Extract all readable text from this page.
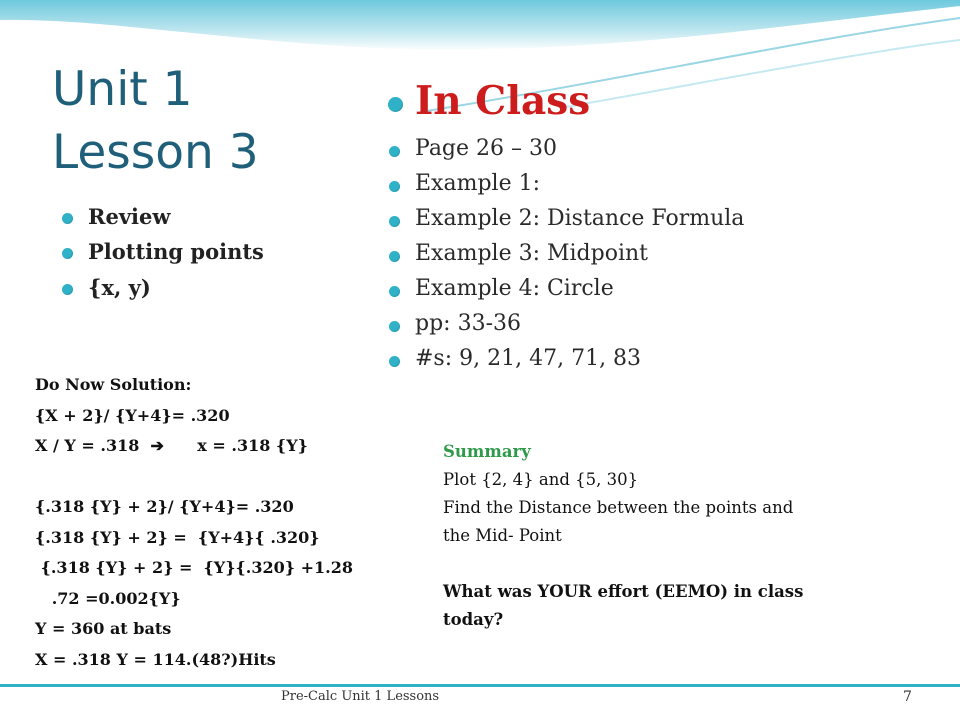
Unit 1
Lesson 3
Review
Plotting points
{x, y)
In Class
Page 26 – 30
Example 1:
Example 2: Distance Formula
Example 3: Midpoint
Example 4: Circle
pp: 33-36
#s: 9, 21, 47, 71, 83
Do Now Solution:
{X + 2}/ {Y+4}= .320
X / Y = .318  ➔      x = .318 {Y}
{.318 {Y} + 2}/ {Y+4}= .320
{.318 {Y} + 2} =  {Y+4}{ .320}
{.318 {Y} + 2} =  {Y}{.320} +1.28
.72 =0.002{Y}
Y = 360 at bats
X = .318 Y = 114.(48?)Hits
Summary
Plot {2, 4} and {5, 30}
Find the Distance between the points and
the Mid- Point
What was YOUR effort (EEMO) in class
today?
Pre-Calc Unit 1 Lessons	7
